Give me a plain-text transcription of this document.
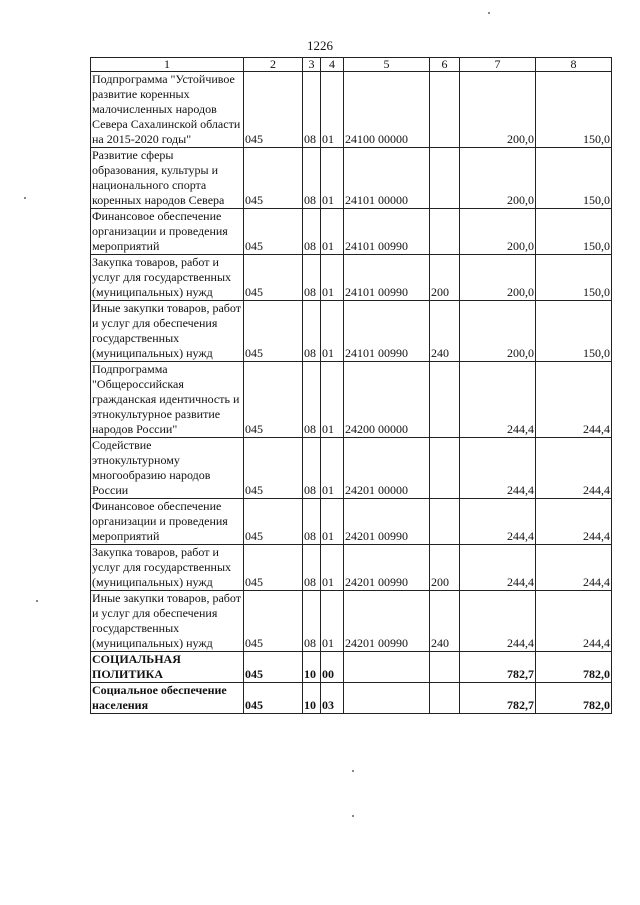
1226
1	2	3	4	5	6	7	8
Подпрограмма "Устойчивое развитие коренных малочисленных народов Севера Сахалинской области на 2015-2020 годы"	045	08	01	24100 00000		200,0	150,0
Развитие сферы образования, культуры и национального спорта коренных народов Севера	045	08	01	24101 00000		200,0	150,0
Финансовое обеспечение организации и проведения мероприятий	045	08	01	24101 00990		200,0	150,0
Закупка товаров, работ и услуг для государственных (муниципальных) нужд	045	08	01	24101 00990	200	200,0	150,0
Иные закупки товаров, работ и услуг для обеспечения государственных (муниципальных) нужд	045	08	01	24101 00990	240	200,0	150,0
Подпрограмма "Общероссийская гражданская идентичность и этнокультурное развитие народов России"	045	08	01	24200 00000		244,4	244,4
Содействие этнокультурному многообразию народов России	045	08	01	24201 00000		244,4	244,4
Финансовое обеспечение организации и проведения мероприятий	045	08	01	24201 00990		244,4	244,4
Закупка товаров, работ и услуг для государственных (муниципальных) нужд	045	08	01	24201 00990	200	244,4	244,4
Иные закупки товаров, работ и услуг для обеспечения государственных (муниципальных) нужд	045	08	01	24201 00990	240	244,4	244,4
СОЦИАЛЬНАЯ ПОЛИТИКА	045	10	00			782,7	782,0
Социальное обеспечение населения	045	10	03			782,7	782,0
